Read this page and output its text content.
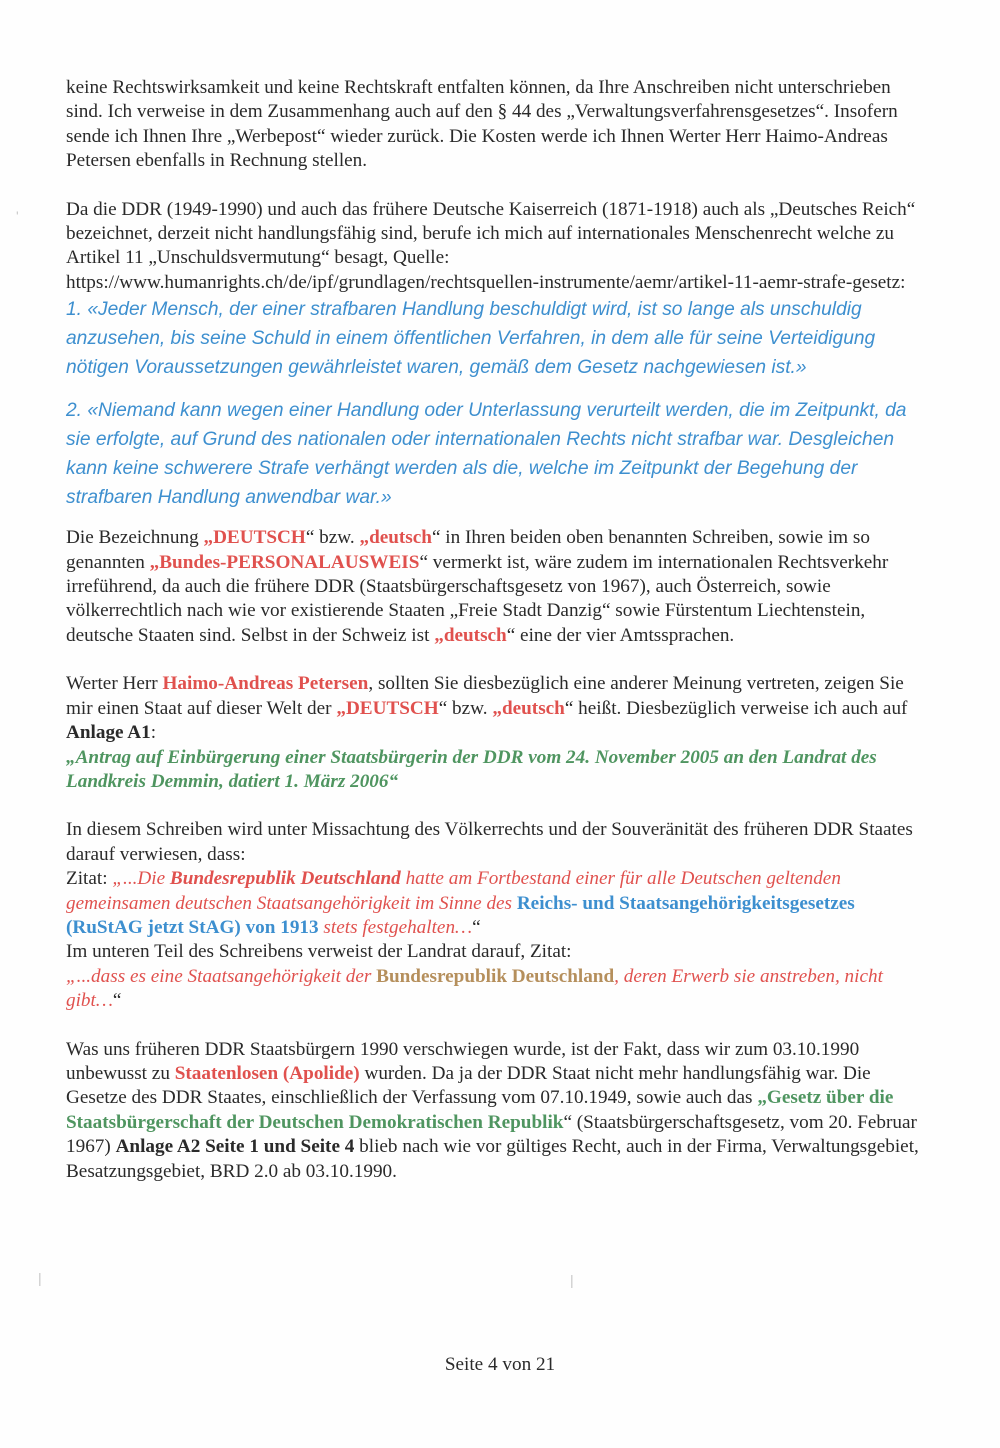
'
|	|

keine Rechtswirksamkeit und keine Rechtskraft entfalten können, da Ihre Anschreiben nicht unterschrieben sind. Ich verweise in dem Zusammenhang auch auf den § 44 des „Verwaltungsverfahrensgesetzes“. Insofern sende ich Ihnen Ihre „Werbepost“ wieder zurück. Die Kosten werde ich Ihnen Werter Herr Haimo-Andreas Petersen ebenfalls in Rechnung stellen.

Da die DDR (1949-1990) und auch das frühere Deutsche Kaiserreich (1871-1918) auch als „Deutsches Reich“ bezeichnet, derzeit nicht handlungsfähig sind, berufe ich mich auf internationales Menschenrecht welche zu Artikel 11 „Unschuldsvermutung“ besagt, Quelle: https://www.humanrights.ch/de/ipf/grundlagen/rechtsquellen-instrumente/aemr/artikel-11-aemr-strafe-gesetz:

1. «Jeder Mensch, der einer strafbaren Handlung beschuldigt wird, ist so lange als unschuldig anzusehen, bis seine Schuld in einem öffentlichen Verfahren, in dem alle für seine Verteidigung nötigen Voraussetzungen gewährleistet waren, gemäß dem Gesetz nachgewiesen ist.»

2. «Niemand kann wegen einer Handlung oder Unterlassung verurteilt werden, die im Zeitpunkt, da sie erfolgte, auf Grund des nationalen oder internationalen Rechts nicht strafbar war. Desgleichen kann keine schwerere Strafe verhängt werden als die, welche im Zeitpunkt der Begehung der strafbaren Handlung anwendbar war.»

Die Bezeichnung „DEUTSCH“ bzw. „deutsch“ in Ihren beiden oben benannten Schreiben, sowie im so genannten „Bundes-PERSONALAUSWEIS“ vermerkt ist, wäre zudem im internationalen Rechtsverkehr irreführend, da auch die frühere DDR (Staatsbürgerschaftsgesetz von 1967), auch Österreich, sowie völkerrechtlich nach wie vor existierende Staaten „Freie Stadt Danzig“ sowie Fürstentum Liechtenstein, deutsche Staaten sind. Selbst in der Schweiz ist „deutsch“ eine der vier Amtssprachen.

Werter Herr Haimo-Andreas Petersen, sollten Sie diesbezüglich eine anderer Meinung vertreten, zeigen Sie mir einen Staat auf dieser Welt der „DEUTSCH“ bzw. „deutsch“ heißt. Diesbezüglich verweise ich auch auf Anlage A1:
„Antrag auf Einbürgerung einer Staatsbürgerin der DDR vom 24. November 2005 an den Landrat des Landkreis Demmin, datiert 1. März 2006“

In diesem Schreiben wird unter Missachtung des Völkerrechts und der Souveränität des früheren DDR Staates darauf verwiesen, dass:
Zitat: „...Die Bundesrepublik Deutschland hatte am Fortbestand einer für alle Deutschen geltenden gemeinsamen deutschen Staatsangehörigkeit im Sinne des Reichs- und Staatsangehörigkeitsgesetzes (RuStAG jetzt StAG) von 1913 stets festgehalten…“
Im unteren Teil des Schreibens verweist der Landrat darauf, Zitat:
„...dass es eine Staatsangehörigkeit der Bundesrepublik Deutschland, deren Erwerb sie anstreben, nicht gibt…“

Was uns früheren DDR Staatsbürgern 1990 verschwiegen wurde, ist der Fakt, dass wir zum 03.10.1990 unbewusst zu Staatenlosen (Apolide) wurden. Da ja der DDR Staat nicht mehr handlungsfähig war. Die Gesetze des DDR Staates, einschließlich der Verfassung vom 07.10.1949, sowie auch das „Gesetz über die Staatsbürgerschaft der Deutschen Demokratischen Republik“ (Staatsbürgerschaftsgesetz, vom 20. Februar 1967) Anlage A2 Seite 1 und Seite 4 blieb nach wie vor gültiges Recht, auch in der Firma, Verwaltungsgebiet, Besatzungsgebiet, BRD 2.0 ab 03.10.1990.

Seite 4 von 21
